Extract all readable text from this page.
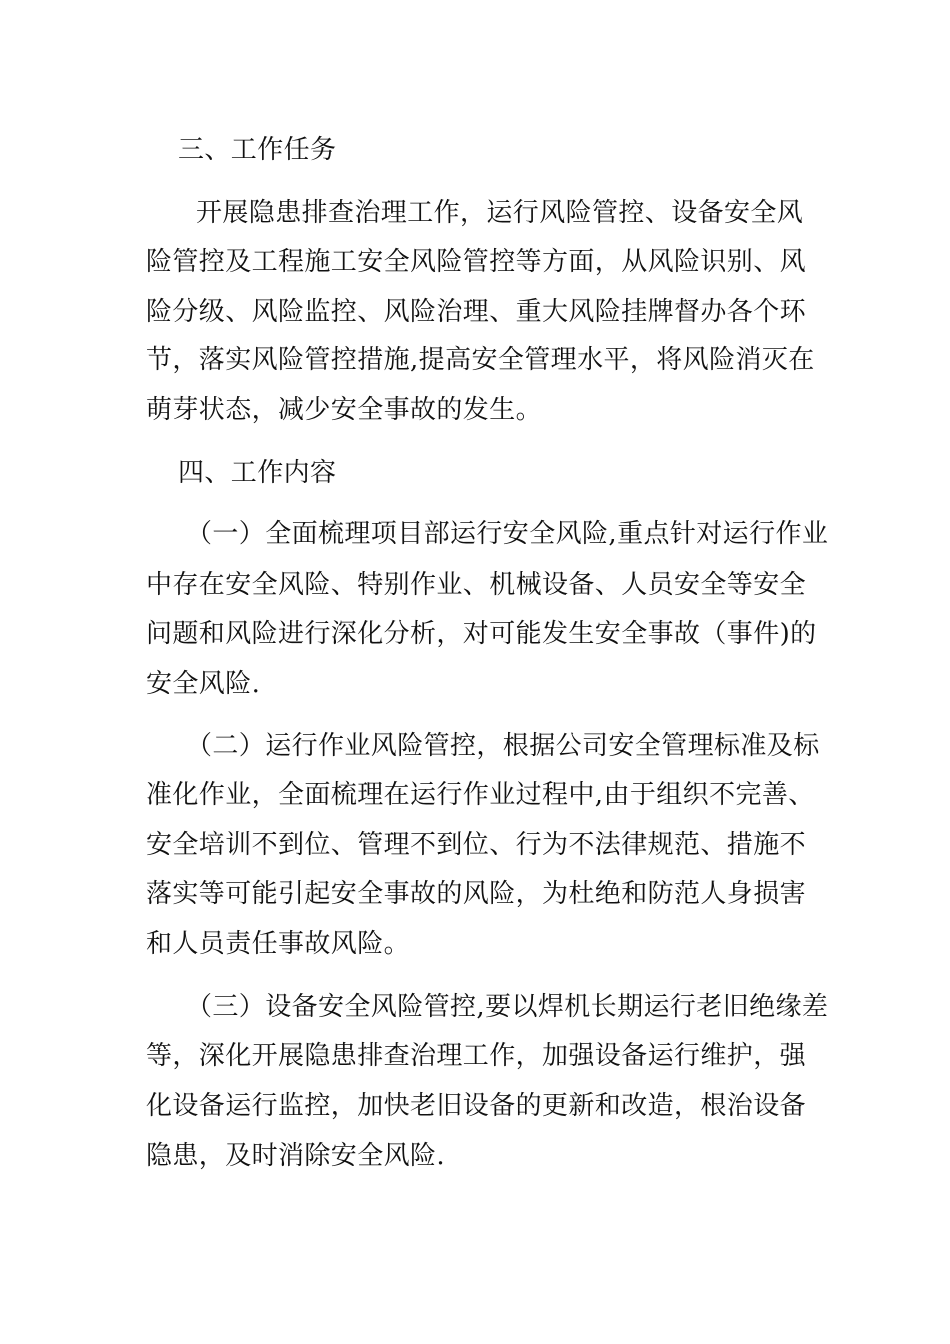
三、工作任务
开展隐患排查治理工作，运行风险管控、设备安全风
险管控及工程施工安全风险管控等方面，从风险识别、风
险分级、风险监控、风险治理、重大风险挂牌督办各个环
节，落实风险管控措施,提高安全管理水平，将风险消灭在
萌芽状态，减少安全事故的发生。
四、工作内容
（一）全面梳理项目部运行安全风险,重点针对运行作业
中存在安全风险、特别作业、机械设备、人员安全等安全
问题和风险进行深化分析，对可能发生安全事故（事件)的
安全风险.
（二）运行作业风险管控，根据公司安全管理标准及标
准化作业，全面梳理在运行作业过程中,由于组织不完善、
安全培训不到位、管理不到位、行为不法律规范、措施不
落实等可能引起安全事故的风险，为杜绝和防范人身损害
和人员责任事故风险。
（三）设备安全风险管控,要以焊机长期运行老旧绝缘差
等，深化开展隐患排查治理工作，加强设备运行维护，强
化设备运行监控，加快老旧设备的更新和改造，根治设备
隐患，及时消除安全风险.
